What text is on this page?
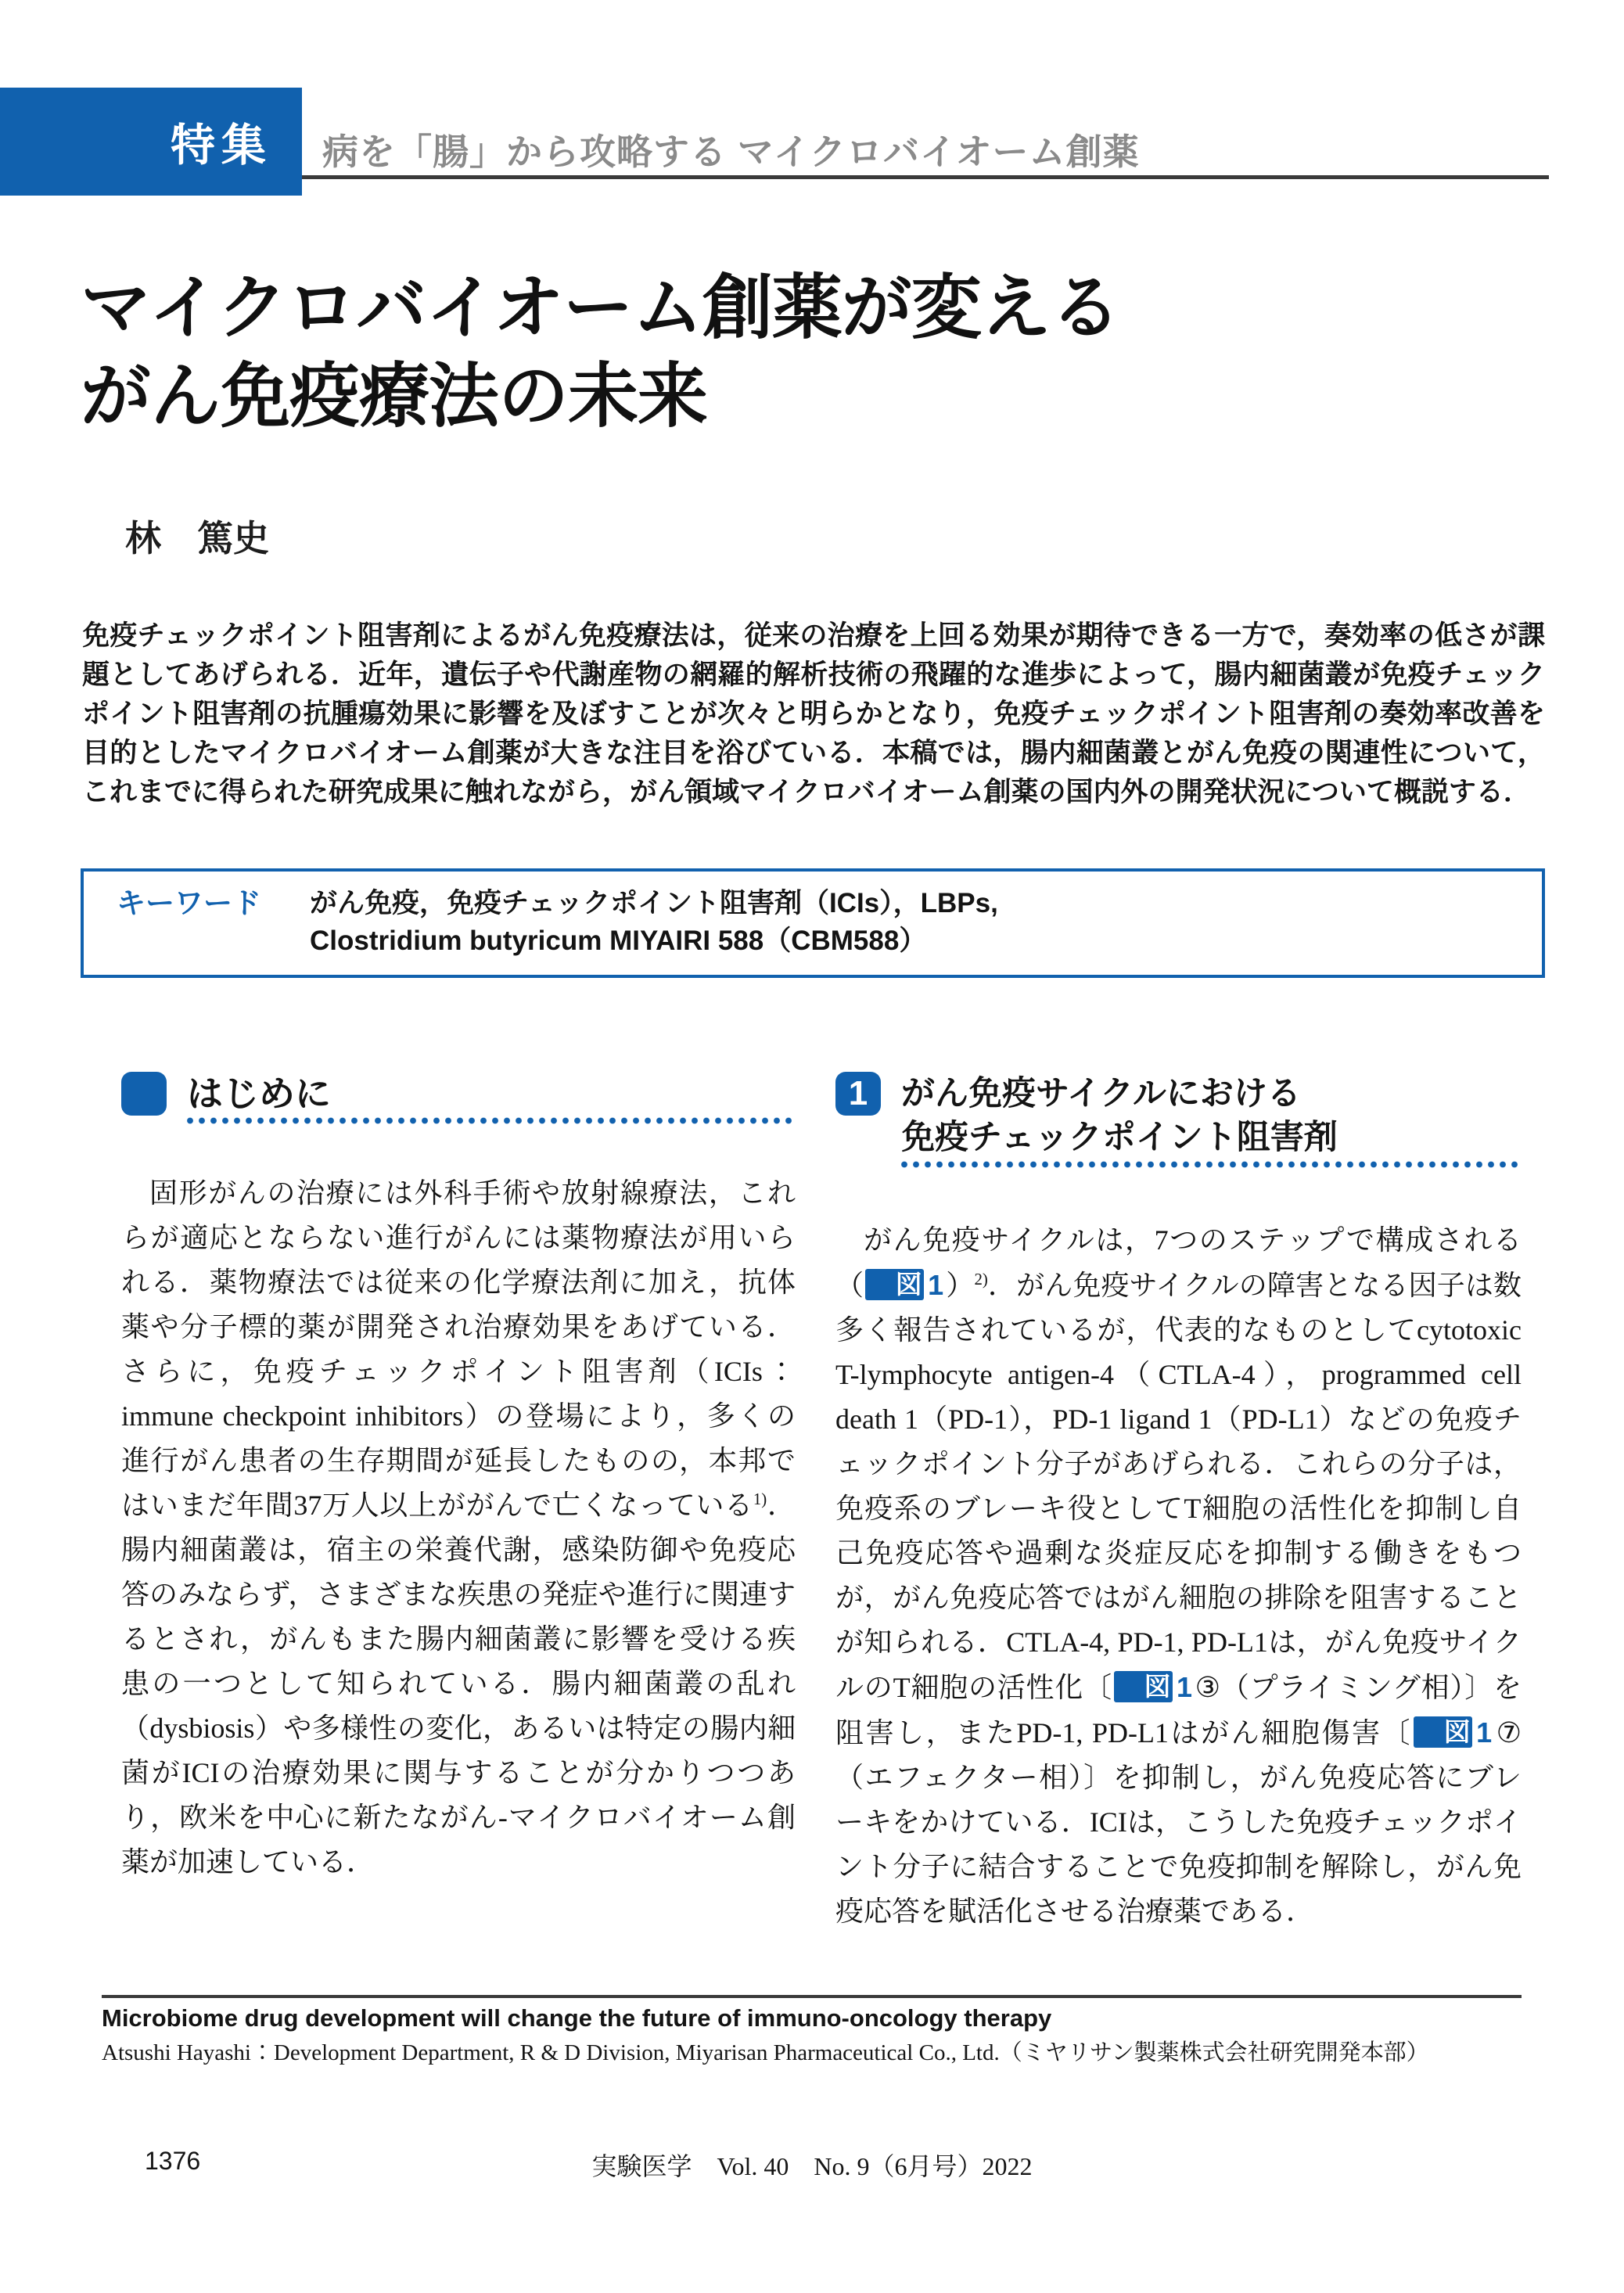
特集 病を「腸」から攻略する マイクロバイオーム創薬
マイクロバイオーム創薬が変える
がん免疫療法の未来
林　篤史

免疫チェックポイント阻害剤によるがん免疫療法は，従来の治療を上回る効果が期待できる一方で，奏効率の低さが課題としてあげられる．近年，遺伝子や代謝産物の網羅的解析技術の飛躍的な進歩によって，腸内細菌叢が免疫チェックポイント阻害剤の抗腫瘍効果に影響を及ぼすことが次々と明らかとなり，免疫チェックポイント阻害剤の奏効率改善を目的としたマイクロバイオーム創薬が大きな注目を浴びている．本稿では，腸内細菌叢とがん免疫の関連性について，これまでに得られた研究成果に触れながら，がん領域マイクロバイオーム創薬の国内外の開発状況について概説する．

キーワード がん免疫，免疫チェックポイント阻害剤（ICIs），LBPs,
Clostridium butyricum MIYAIRI 588（CBM588）
はじめに

固形がんの治療には外科手術や放射線療法，これらが適応とならない進行がんには薬物療法が用いられる．薬物療法では従来の化学療法剤に加え，抗体薬や分子標的薬が開発され治療効果をあげている．さらに，免疫チェックポイント阻害剤（ICIs：immune checkpoint inhibitors）の登場により，多くの進行がん患者の生存期間が延長したものの，本邦ではいまだ年間37万人以上ががんで亡くなっている$^{1)}$．腸内細菌叢は，宿主の栄養代謝，感染防御や免疫応答のみならず，さまざまな疾患の発症や進行に関連するとされ，がんもまた腸内細菌叢に影響を受ける疾患の一つとして知られている．腸内細菌叢の乱れ（dysbiosis）や多様性の変化，あるいは特定の腸内細菌がICIの治療効果に関与することが分かりつつあり，欧米を中心に新たながん-マイクロバイオーム創薬が加速している．

1 がん免疫サイクルにおける
免疫チェックポイント阻害剤

がん免疫サイクルは，7つのステップで構成される（ 図 1）$^{2)}$．がん免疫サイクルの障害となる因子は数多く報告されているが，代表的なものとしてcytotoxic T-lymphocyte antigen-4（CTLA-4），programmed cell death 1（PD-1），PD-1 ligand 1（PD-L1）などの免疫チェックポイント分子があげられる．これらの分子は，免疫系のブレーキ役としてT細胞の活性化を抑制し自己免疫応答や過剰な炎症反応を抑制する働きをもつが，がん免疫応答ではがん細胞の排除を阻害することが知られる．CTLA-4, PD-1, PD-L1は，がん免疫サイクルのT細胞の活性化〔 図 1③（プライミング相）〕を阻害し，またPD-1, PD-L1はがん細胞傷害〔 図 1⑦（エフェクター相）〕を抑制し，がん免疫応答にブレーキをかけている．ICIは，こうした免疫チェックポイント分子に結合することで免疫抑制を解除し，がん免疫応答を賦活化させる治療薬である．

Microbiome drug development will change the future of immuno-oncology therapy

Atsushi Hayashi：Development Department, R & D Division, Miyarisan Pharmaceutical Co., Ltd.（ミヤリサン製薬株式会社研究開発本部）

1376	実験医学　Vol. 40　No. 9（6月号）2022
